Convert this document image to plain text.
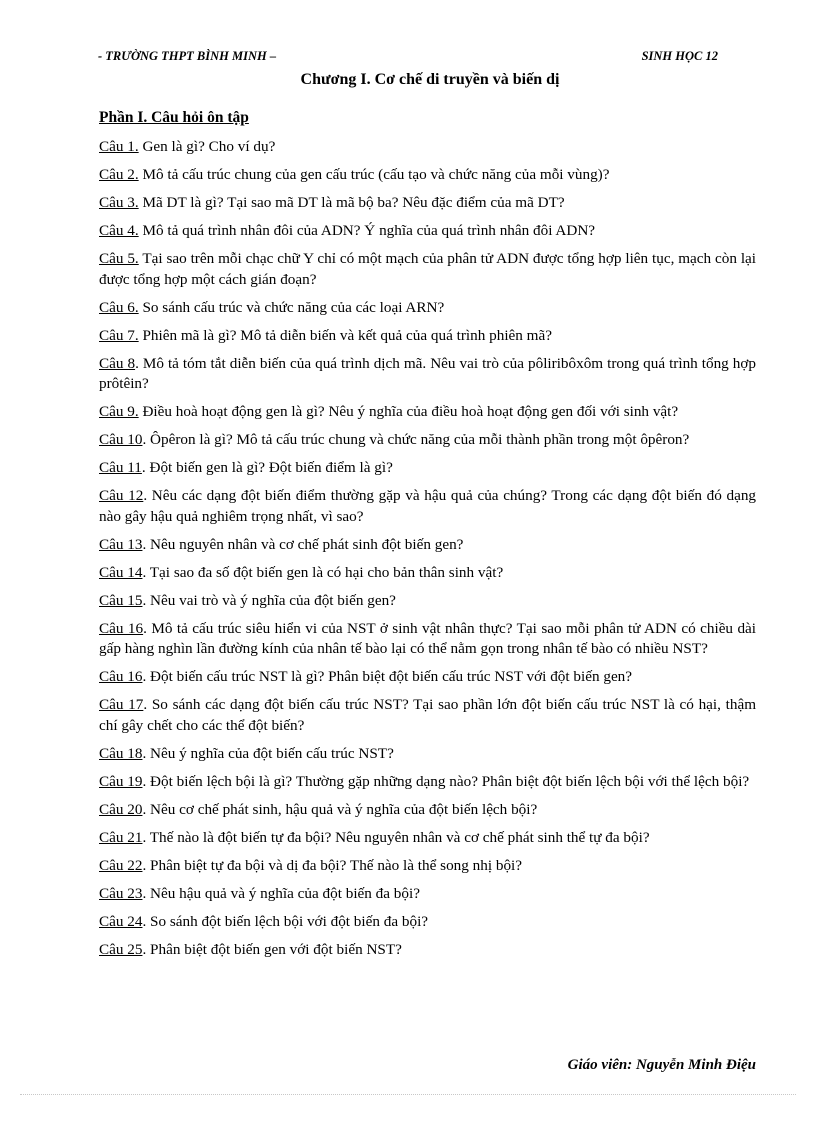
- TRƯỜNG THPT BÌNH MINH –	SINH HỌC 12
Chương I. Cơ chế di truyền và biến dị
Phần I. Câu hỏi ôn tập

Câu 1. Gen là gì? Cho ví dụ?

Câu 2. Mô tả cấu trúc chung của gen cấu trúc (cấu tạo và chức năng của mỗi vùng)?

Câu 3. Mã DT là gì? Tại sao mã DT là mã bộ ba? Nêu đặc điểm của mã DT?

Câu 4. Mô tả quá trình nhân đôi của ADN? Ý nghĩa của quá trình nhân đôi ADN?

Câu 5. Tại sao trên mỗi chạc chữ Y chỉ có một mạch của phân tử ADN được tổng hợp liên tục, mạch còn lại được tổng hợp một cách gián đoạn?

Câu 6. So sánh cấu trúc và chức năng của các loại ARN?

Câu 7. Phiên mã là gì? Mô tả diễn biến và kết quả của quá trình phiên mã?

Câu 8. Mô tả tóm tắt diễn biến của quá trình dịch mã. Nêu vai trò của pôliribôxôm trong quá trình tổng hợp prôtêin?

Câu 9. Điều hoà hoạt động gen là gì? Nêu ý nghĩa của điều hoà hoạt động gen đối với sinh vật?

Câu 10. Ôpêron là gì? Mô tả cấu trúc chung và chức năng của mỗi thành phần trong một ôpêron?

Câu 11. Đột biến gen là gì? Đột biến điểm là gì?

Câu 12. Nêu các dạng đột biến điểm thường gặp và hậu quả của chúng? Trong các dạng đột biến đó dạng nào gây hậu quả nghiêm trọng nhất, vì sao?

Câu 13. Nêu nguyên nhân và cơ chế phát sinh đột biến gen?

Câu 14. Tại sao đa số đột biến gen là có hại cho bản thân sinh vật?

Câu 15. Nêu vai trò và ý nghĩa của đột biến gen?

Câu 16. Mô tả cấu trúc siêu hiển vi của NST ở sinh vật nhân thực? Tại sao mỗi phân tử ADN có chiều dài gấp hàng nghìn lần đường kính của nhân tế bào lại có thể nằm gọn trong nhân tế bào có nhiều NST?

Câu 16. Đột biến cấu trúc NST là gì? Phân biệt đột biến cấu trúc NST với đột biến gen?

Câu 17. So sánh các dạng đột biến cấu trúc NST? Tại sao phần lớn đột biến cấu trúc NST là có hại, thậm chí gây chết cho các thể đột biến?

Câu 18. Nêu ý nghĩa của đột biến cấu trúc NST?

Câu 19. Đột biến lệch bội là gì? Thường gặp những dạng nào? Phân biệt đột biến lệch bội với thể lệch bội?

Câu 20. Nêu cơ chế phát sinh, hậu quả và ý nghĩa của đột biến lệch bội?

Câu 21. Thế nào là đột biến tự đa bội? Nêu nguyên nhân và cơ chế phát sinh thể tự đa bội?

Câu 22. Phân biệt tự đa bội và dị đa bội? Thế nào là thể song nhị bội?

Câu 23. Nêu hậu quả và ý nghĩa của đột biến đa bội?

Câu 24. So sánh đột biến lệch bội với đột biến đa bội?

Câu 25. Phân biệt đột biến gen với đột biến NST?

Giáo viên: Nguyễn Minh Điệu
